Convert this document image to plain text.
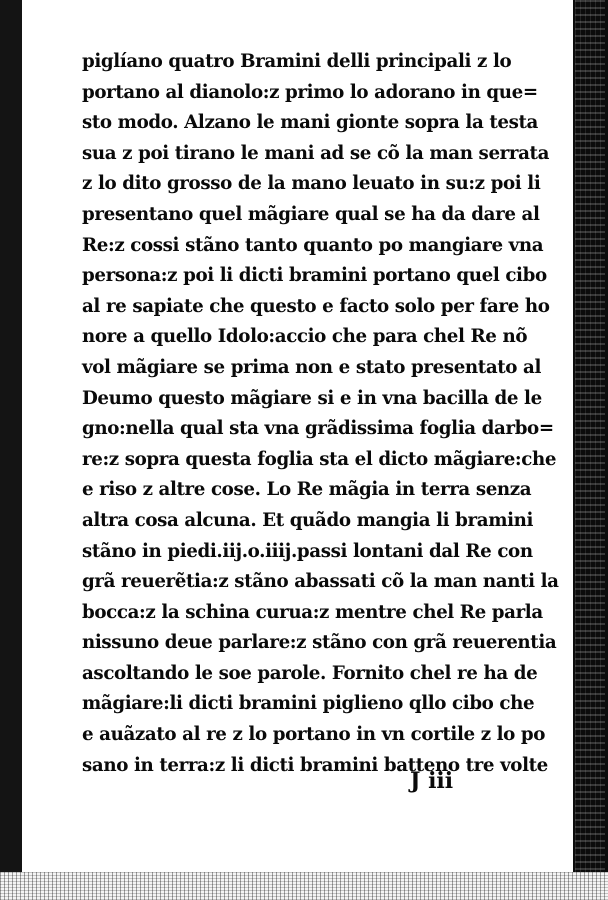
piglíano quatro Bramini delli principali z lo
portano al dianolo:z primo lo adorano in que=
sto modo. Alzano le mani gionte sopra la testa
sua z poi tirano le mani ad se cõ la man serrata
z lo dito grosso de la mano leuato in su:z poi li
presentano quel mãgiare qual se ha da dare al
Re:z cossi stãno tanto quanto po mangiare vna
persona:z poi li dicti bramini portano quel cibo
al re sapiate che questo e facto solo per fare ho
nore a quello Idolo:accio che para chel Re nõ
vol mãgiare se prima non e stato presentato al
Deumo questo mãgiare si e in vna bacilla de le
gno:nella qual sta vna grãdissima foglia darbo=
re:z sopra questa foglia sta el dicto mãgiare:che
e riso z altre cose. Lo Re mãgia in terra senza
altra cosa alcuna. Et quãdo mangia li bramini
stãno in piedi.iij.o.iiij.passi lontani dal Re con
grã reuerẽtia:z stãno abassati cõ la man nanti la
bocca:z la schina curua:z mentre chel Re parla
nissuno deue parlare:z stãno con grã reuerentia
ascoltando le soe parole. Fornito chel re ha de
mãgiare:li dicti bramini piglieno qllo cibo che
e auãzato al re z lo portano in vn cortile z lo po
sano in terra:z li dicti bramini batteno tre volte
J iii
